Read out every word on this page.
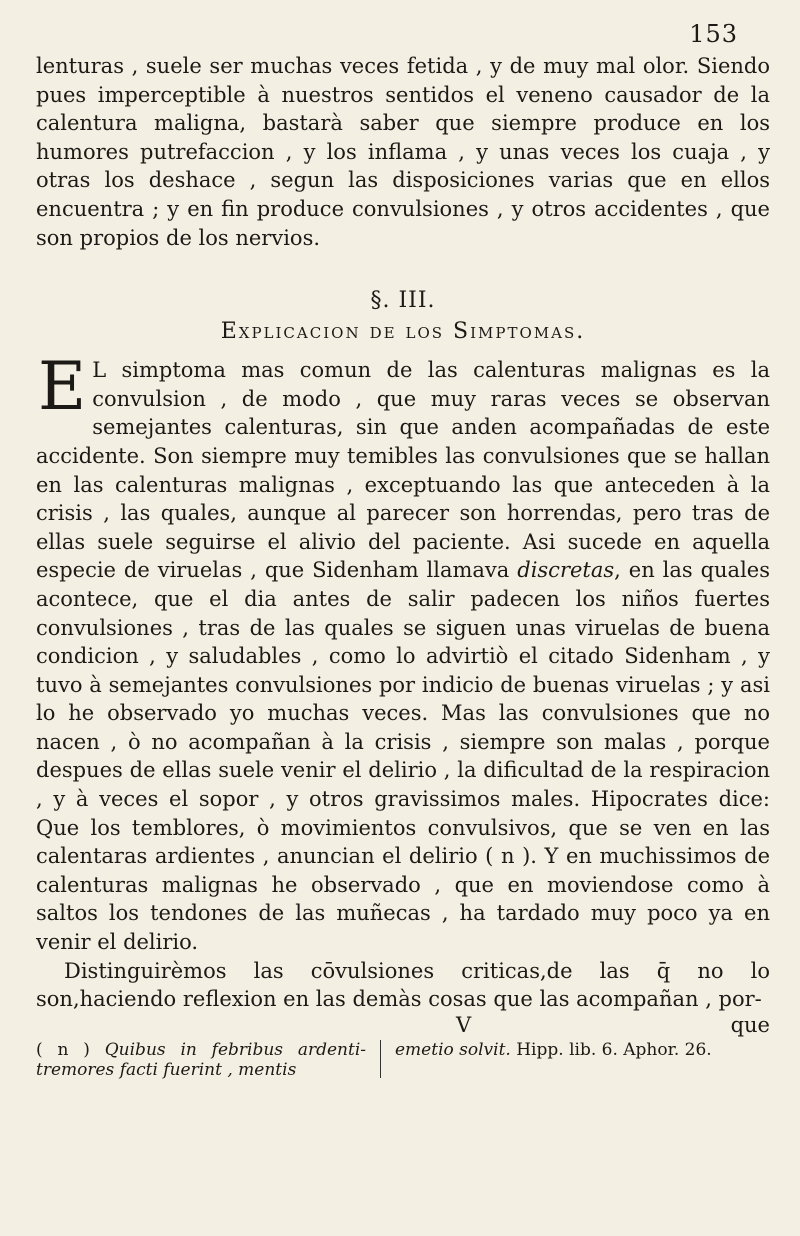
153

lenturas , suele ser muchas veces fetida , y de muy mal olor. Siendo pues imperceptible à nuestros sentidos el veneno causador de la calentura maligna, bastarà saber que siempre produce en los humores putrefaccion , y los inflama , y unas veces los cuaja , y otras los deshace , segun las disposiciones varias que en ellos encuentra ; y en fin produce convulsiones , y otros accidentes , que son propios de los nervios.

§. III.
Explicacion de los Simptomas.

E L simptoma mas comun de las calenturas malignas es la convulsion , de modo , que muy raras veces se observan semejantes calenturas, sin que anden acompañadas de este accidente. Son siempre muy temibles las convulsiones que se hallan en las calenturas malignas , exceptuando las que anteceden à la crisis , las quales, aunque al parecer son horrendas, pero tras de ellas suele seguirse el alivio del paciente. Asi sucede en aquella especie de viruelas , que Sidenham llamava discretas, en las quales acontece, que el dia antes de salir padecen los niños fuertes convulsiones , tras de las quales se siguen unas viruelas de buena condicion , y saludables , como lo advirtiò el citado Sidenham , y tuvo à semejantes convulsiones por indicio de buenas viruelas ; y asi lo he observado yo muchas veces. Mas las convulsiones que no nacen , ò no acompañan à la crisis , siempre son malas , porque despues de ellas suele venir el delirio , la dificultad de la respiracion , y à veces el sopor , y otros gravissimos males. Hipocrates dice: Que los temblores, ò movimientos convulsivos, que se ven en las calentaras ardientes , anuncian el delirio ( n ). Y en muchissimos de calenturas malignas he observado , que en moviendose como à saltos los tendones de las muñecas , ha tardado muy poco ya en venir el delirio.

Distinguirèmos las cōvulsiones criticas,de las q̄ no lo son,haciendo reflexion en las demàs cosas que las acompañan , por-

V	que
( n ) Quibus in febribus ardenti- tremores facti fuerint , mentis
emetio solvit. Hipp. lib. 6. Aphor. 26.
